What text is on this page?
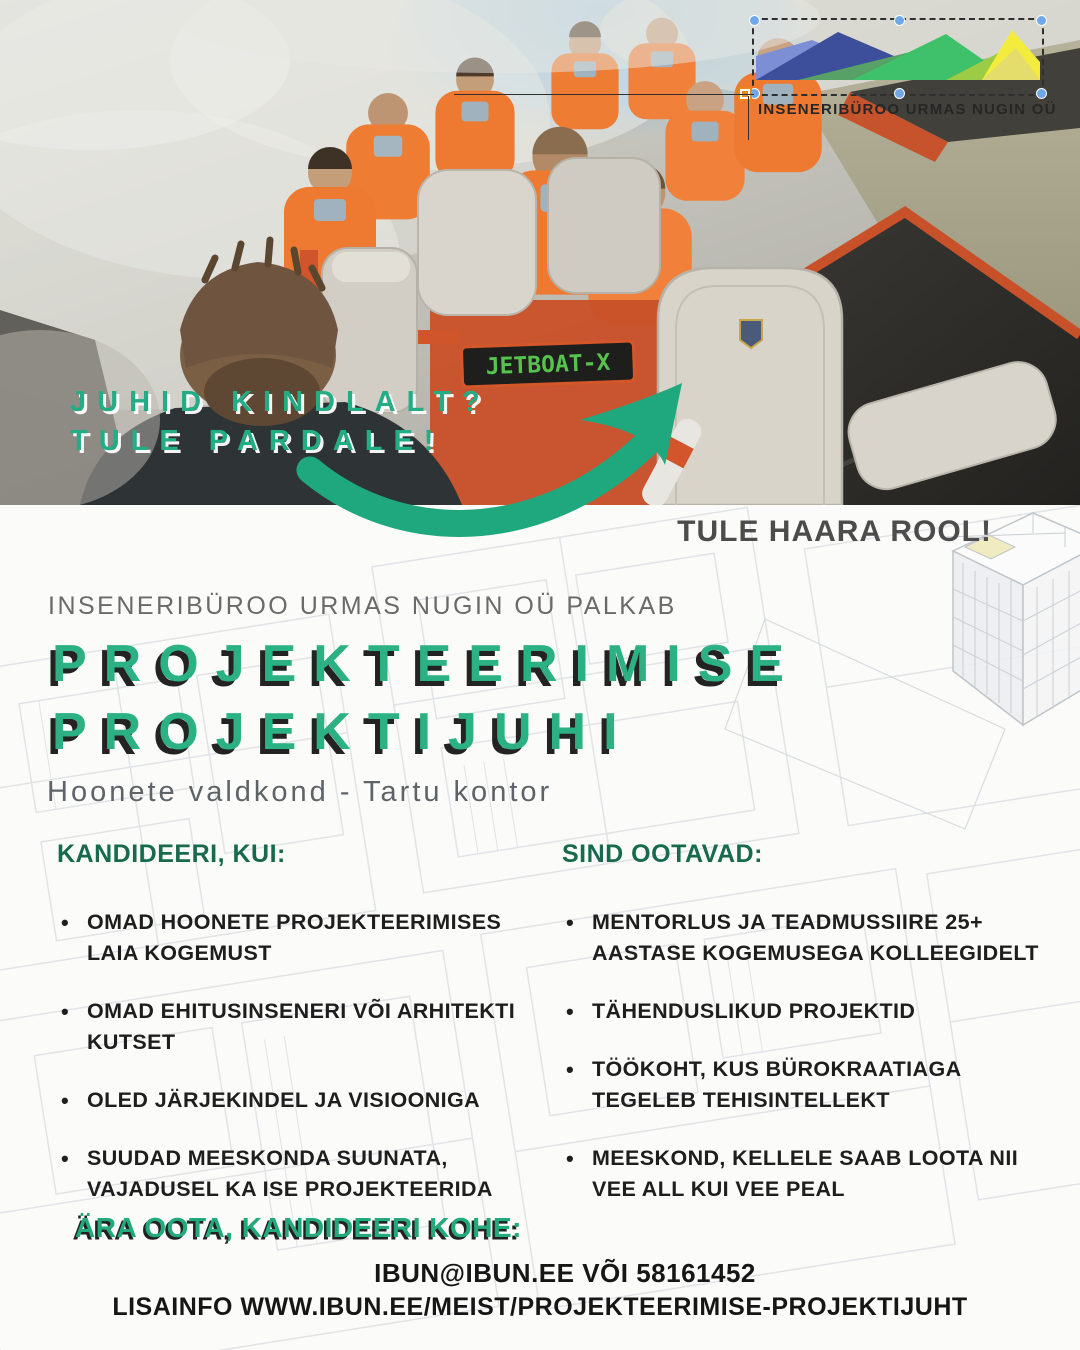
JETBOAT-X
INSENERIBÜROO URMAS NUGIN OÜ
JUHID KINDLALT?
TULE PARDALE!
TULE HAARA ROOL!
INSENERIBÜROO URMAS NUGIN OÜ PALKAB
PROJEKTEERIMISE
PROJEKTIJUHI
Hoonete valdkond - Tartu kontor
KANDIDEERI, KUI:
• OMAD HOONETE PROJEKTEERIMISES LAIA KOGEMUST
• OMAD EHITUSINSENERI VÕI ARHITEKTI KUTSET
• OLED JÄRJEKINDEL JA VISIOONIGA
• SUUDAD MEESKONDA SUUNATA, VAJADUSEL KA ISE PROJEKTEERIDA
SIND OOTAVAD:
• MENTORLUS JA TEADMUSSIIRE 25+ AASTASE KOGEMUSEGA KOLLEEGIDELT
• TÄHENDUSLIKUD PROJEKTID
• TÖÖKOHT, KUS BÜROKRAATIAGA TEGELEB TEHISINTELLEKT
• MEESKOND, KELLELE SAAB LOOTA NII VEE ALL KUI VEE PEAL
ÄRA OOTA, KANDIDEERI KOHE:
IBUN@IBUN.EE VÕI 58161452
LISAINFO WWW.IBUN.EE/MEIST/PROJEKTEERIMISE-PROJEKTIJUHT
